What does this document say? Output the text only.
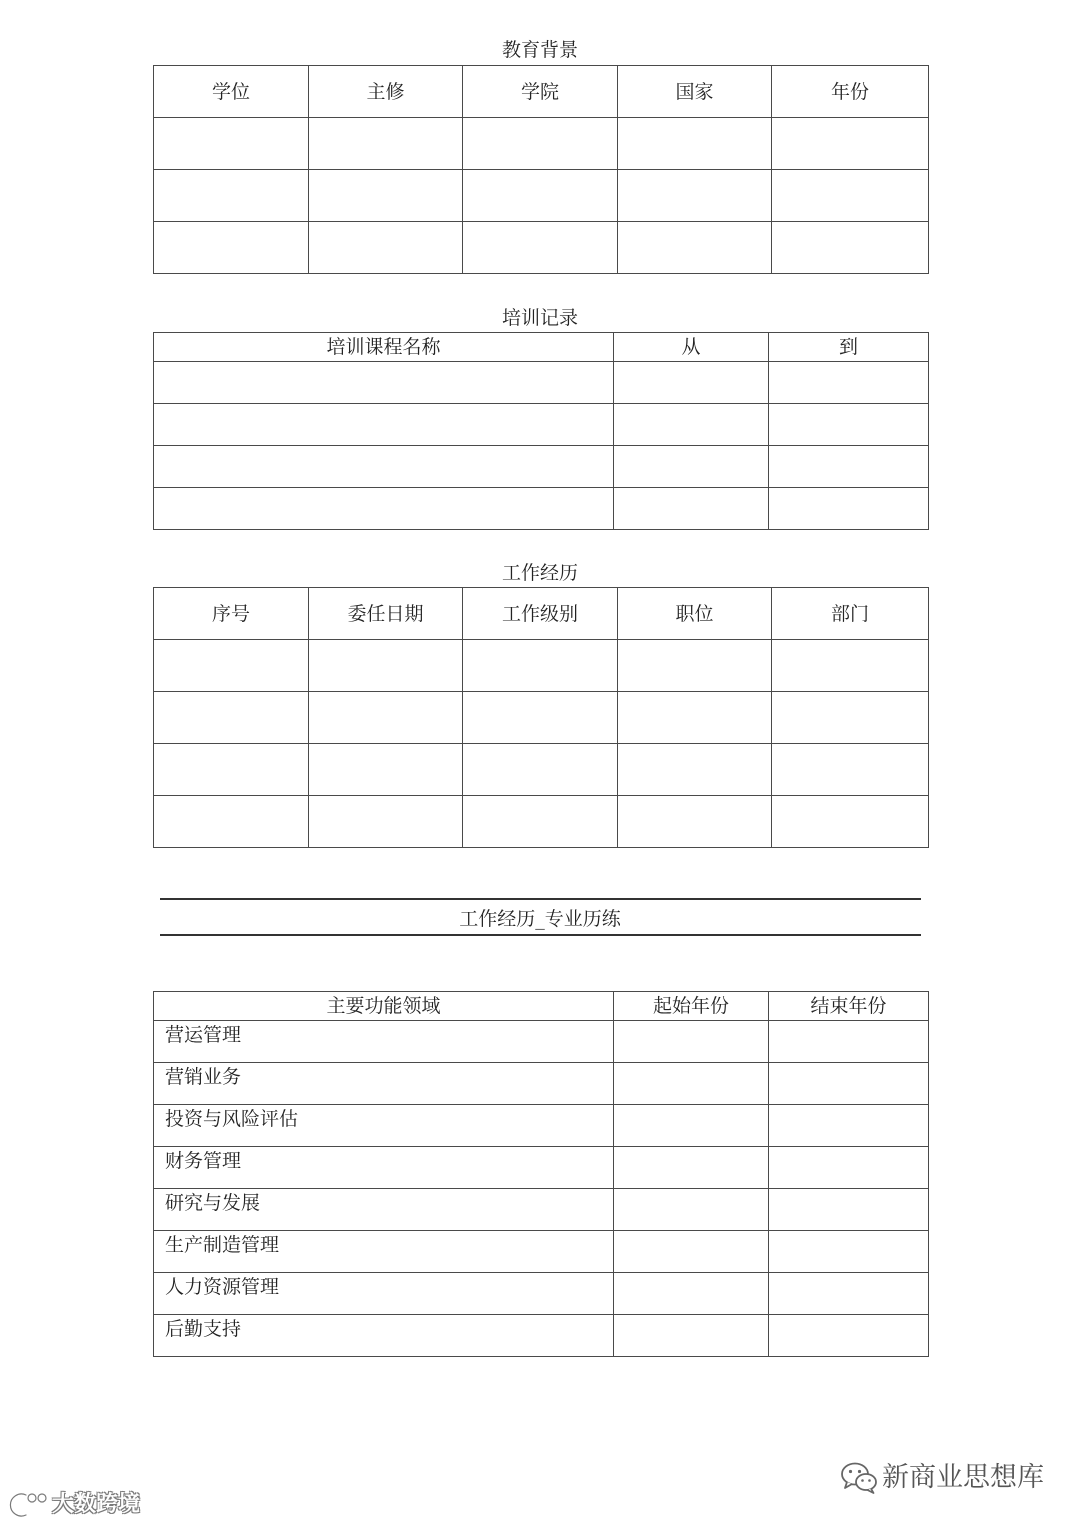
教育背景
学位	主修	学院	国家	年份

培训记录
培训课程名称	从	到

工作经历
序号	委任日期	工作级别	职位	部门

工作经历_专业历练
主要功能领域	起始年份	结束年份
营运管理		
营销业务		
投资与风险评估		
财务管理		
研究与发展		
生产制造管理		
人力资源管理		
后勤支持		
新商业思想库
大数跨境
